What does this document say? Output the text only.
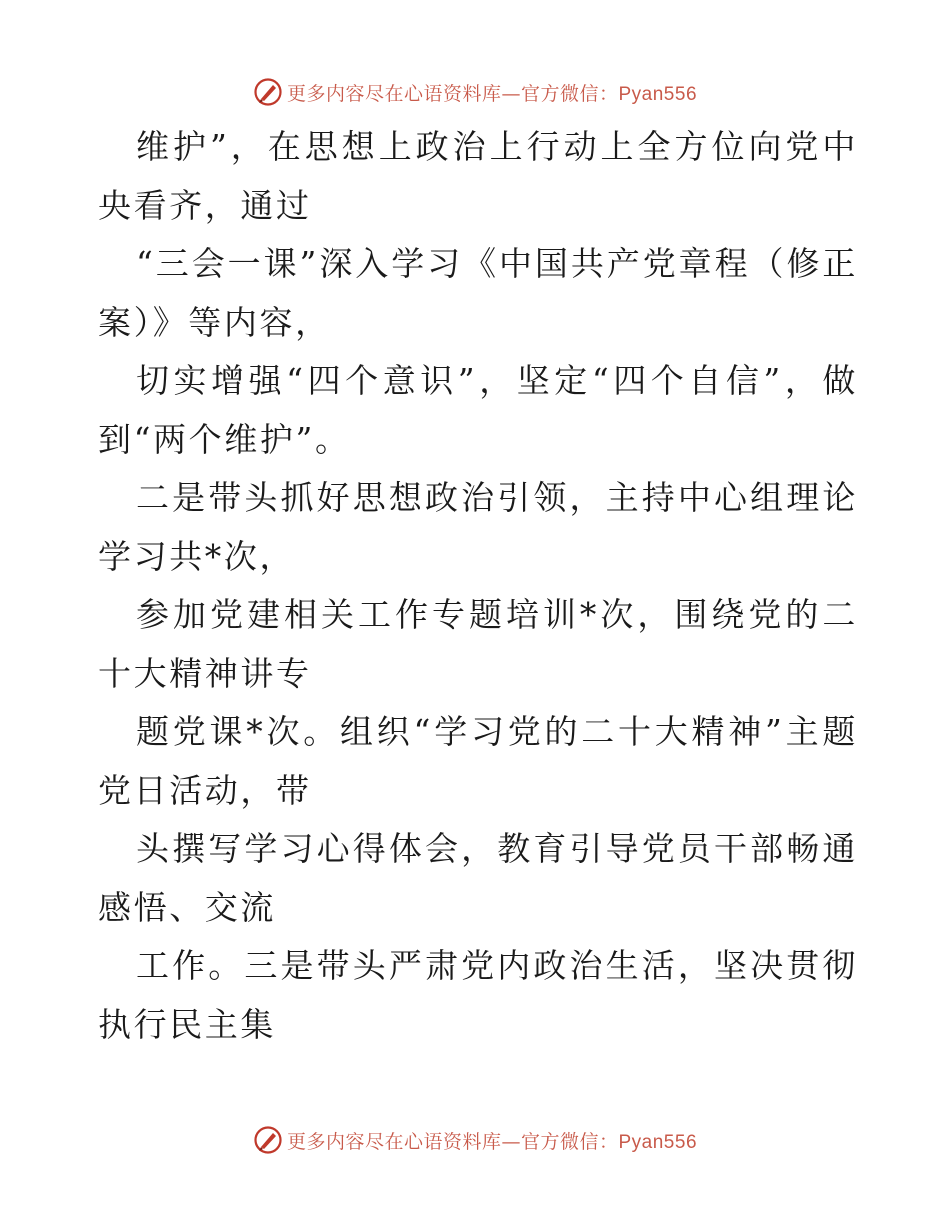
更多内容尽在心语资料库—官方微信：Pyan556

维护”，在思想上政治上行动上全方位向党中央看齐，通过

“三会一课”深入学习《中国共产党章程（修正案）》等内容，

切实增强“四个意识”，坚定“四个自信”，做到“两个维护”。

二是带头抓好思想政治引领，主持中心组理论学习共*次，

参加党建相关工作专题培训*次，围绕党的二十大精神讲专

题党课*次。组织“学习党的二十大精神”主题党日活动，带

头撰写学习心得体会，教育引导党员干部畅通感悟、交流

工作。三是带头严肃党内政治生活，坚决贯彻执行民主集

更多内容尽在心语资料库—官方微信：Pyan556
